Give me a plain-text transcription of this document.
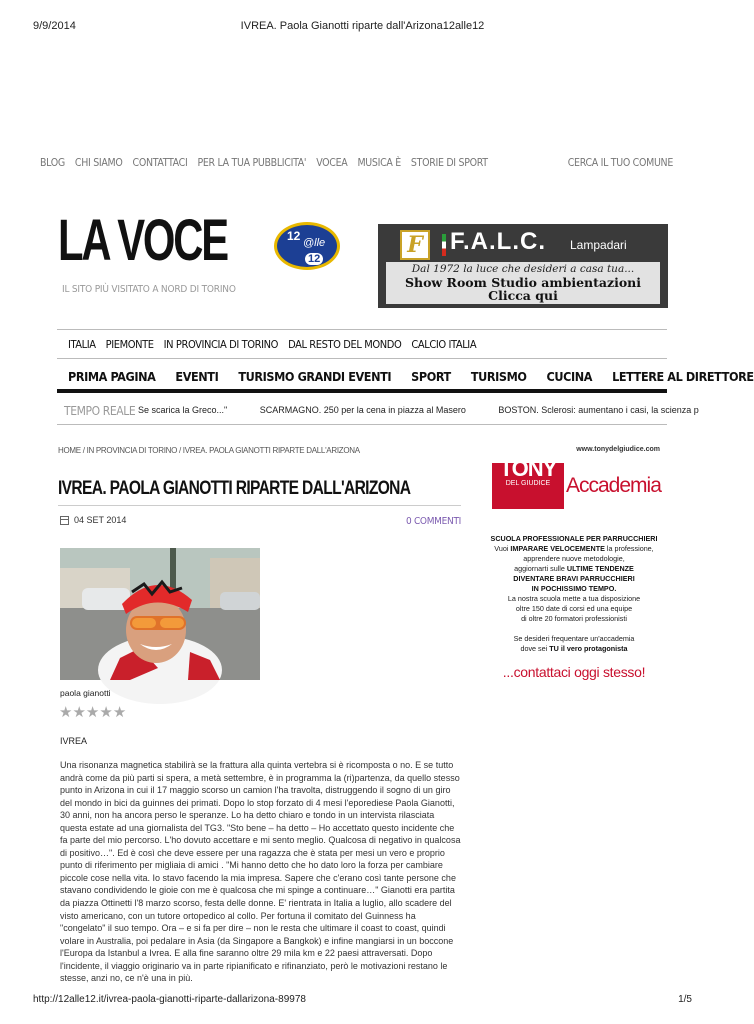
IVREA. Paola Gianotti riparte dall'Arizona12alle12
9/9/2014
BLOG CHI SIAMO CONTATTACI PER LA TUA PUBBLICITA' VOCEA MUSICA È STORIE DI SPORT	CERCA IL TUO COMUNE
LA VOCE	12 @lle
12
IL SITO PIÙ VISITATO A NORD DI TORINO
F F.A.L.C. Lampadari
Dal 1972 la luce che desideri a casa tua...
Show Room Studio ambientazioni
Clicca qui
ITALIA PIEMONTE IN PROVINCIA DI TORINO DAL RESTO DEL MONDO CALCIO ITALIA
PRIMA PAGINA EVENTI TURISMO GRANDI EVENTI SPORT TURISMO CUCINA LETTERE AL DIRETTORE
TEMPO REALE Se scarica la Greco..."	SCARMAGNO. 250 per la cena in piazza al Masero	BOSTON. Sclerosi: aumentano i casi, la scienza p
HOME / IN PROVINCIA DI TORINO / IVREA. PAOLA GIANOTTI RIPARTE DALL'ARIZONA
IVREA. PAOLA GIANOTTI RIPARTE DALL'ARIZONA
04 SET 2014	0 COMMENTI
paola gianotti
★ ★ ★ ★ ★
IVREA

Una risonanza magnetica stabilirà se la frattura alla quinta vertebra si è ricomposta o no. E se tutto andrà come da più parti si spera, a metà settembre, è in programma la (ri)partenza, da quello stesso punto in Arizona in cui il 17 maggio scorso un camion l'ha travolta, distruggendo il sogno di un giro del mondo in bici da guinnes dei primati. Dopo lo stop forzato di 4 mesi l'eporediese Paola Gianotti, 30 anni, non ha ancora perso le speranze. Lo ha detto chiaro e tondo in un intervista rilasciata questa estate ad una giornalista del TG3. "Sto bene – ha detto – Ho accettato questo incidente che fa parte del mio percorso. L'ho dovuto accettare e mi sento meglio. Qualcosa di negativo in qualcosa di positivo…". Ed è così che deve essere per una ragazza che è stata per mesi un vero e proprio punto di riferimento per migliaia di amici . "Mi hanno detto che ho dato loro la forza per cambiare piccole cose nella vita. Io stavo facendo la mia impresa. Sapere che c'erano così tante persone che stavano condividendo le gioie con me è qualcosa che mi spinge a continuare…" Gianotti era partita da piazza Ottinetti l'8 marzo scorso, festa delle donne. E' rientrata in Italia a luglio, allo scadere del visto americano, con un tutore ortopedico al collo. Per fortuna il comitato del Guinness ha "congelato" il suo tempo. Ora – e si fa per dire – non le resta che ultimare il coast to coast, quindi volare in Australia, poi pedalare in Asia (da Singapore a Bangkok) e infine mangiarsi in un boccone l'Europa da Istanbul a Ivrea. E alla fine saranno oltre 29 mila km e 22 paesi attraversati. Dopo l'incidente, il viaggio originario va in parte ripianificato e rifinanziato, però le motivazioni restano le stesse, anzi no, ce n'è una in più.

www.tonydelgiudice.com
TONY
DEL GIUDICE Accademia
SCUOLA PROFESSIONALE PER PARRUCCHIERI
Vuoi IMPARARE VELOCEMENTE la professione,
apprendere nuove metodologie,
aggiornarti sulle ULTIME TENDENZE
DIVENTARE BRAVI PARRUCCHIERI
IN POCHISSIMO TEMPO.
La nostra scuola mette a tua disposizione
oltre 150 date di corsi ed una equipe
di oltre 20 formatori professionisti
Se desideri frequentare un'accademia
dove sei TU il vero protagonista
...contattaci oggi stesso!
http://12alle12.it/ivrea-paola-gianotti-riparte-dallarizona-89978	1/5
